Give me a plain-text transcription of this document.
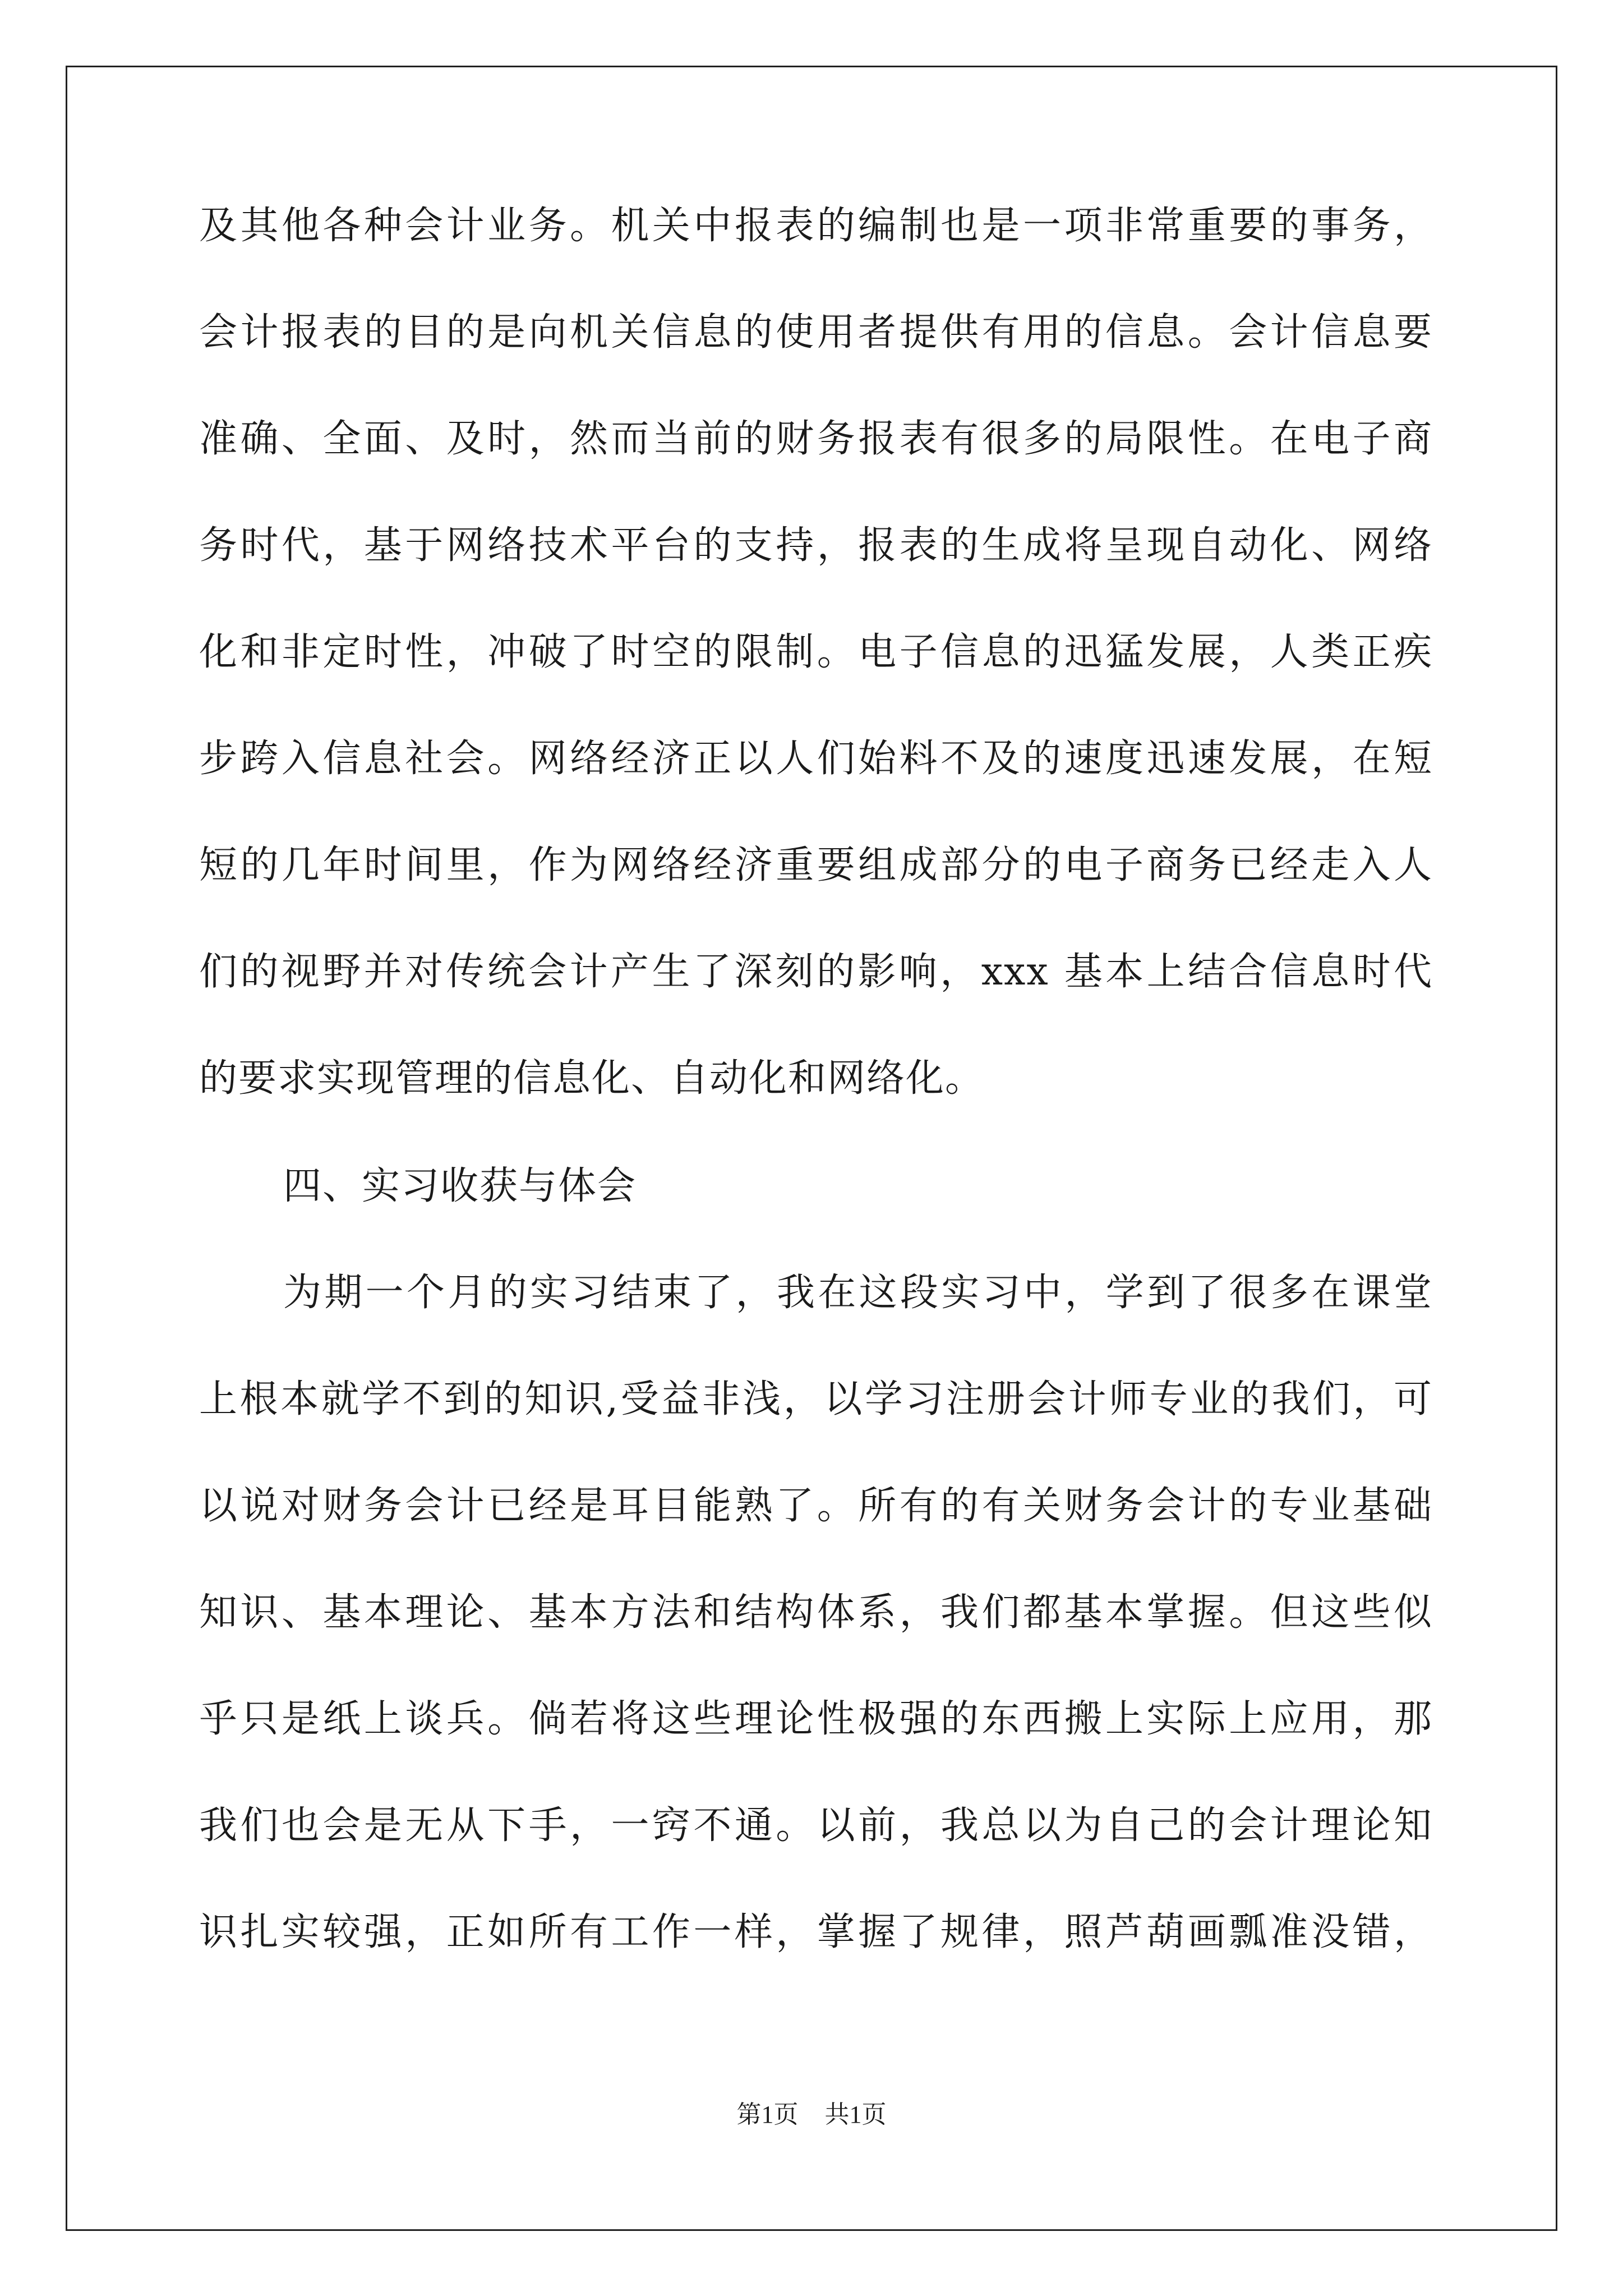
及其他各种会计业务。机关中报表的编制也是一项非常重要的事务，
会计报表的目的是向机关信息的使用者提供有用的信息。会计信息要
准确、全面、及时，然而当前的财务报表有很多的局限性。在电子商
务时代，基于网络技术平台的支持，报表的生成将呈现自动化、网络
化和非定时性，冲破了时空的限制。电子信息的迅猛发展，人类正疾
步跨入信息社会。网络经济正以人们始料不及的速度迅速发展，在短
短的几年时间里，作为网络经济重要组成部分的电子商务已经走入人
们的视野并对传统会计产生了深刻的影响，xxx 基本上结合信息时代
的要求实现管理的信息化、自动化和网络化。
四、实习收获与体会
为期一个月的实习结束了，我在这段实习中，学到了很多在课堂
上根本就学不到的知识,受益非浅，以学习注册会计师专业的我们，可
以说对财务会计已经是耳目能熟了。所有的有关财务会计的专业基础
知识、基本理论、基本方法和结构体系，我们都基本掌握。但这些似
乎只是纸上谈兵。倘若将这些理论性极强的东西搬上实际上应用，那
我们也会是无从下手，一窍不通。以前，我总以为自己的会计理论知
识扎实较强，正如所有工作一样，掌握了规律，照芦葫画瓢准没错，
第1页 共1页
